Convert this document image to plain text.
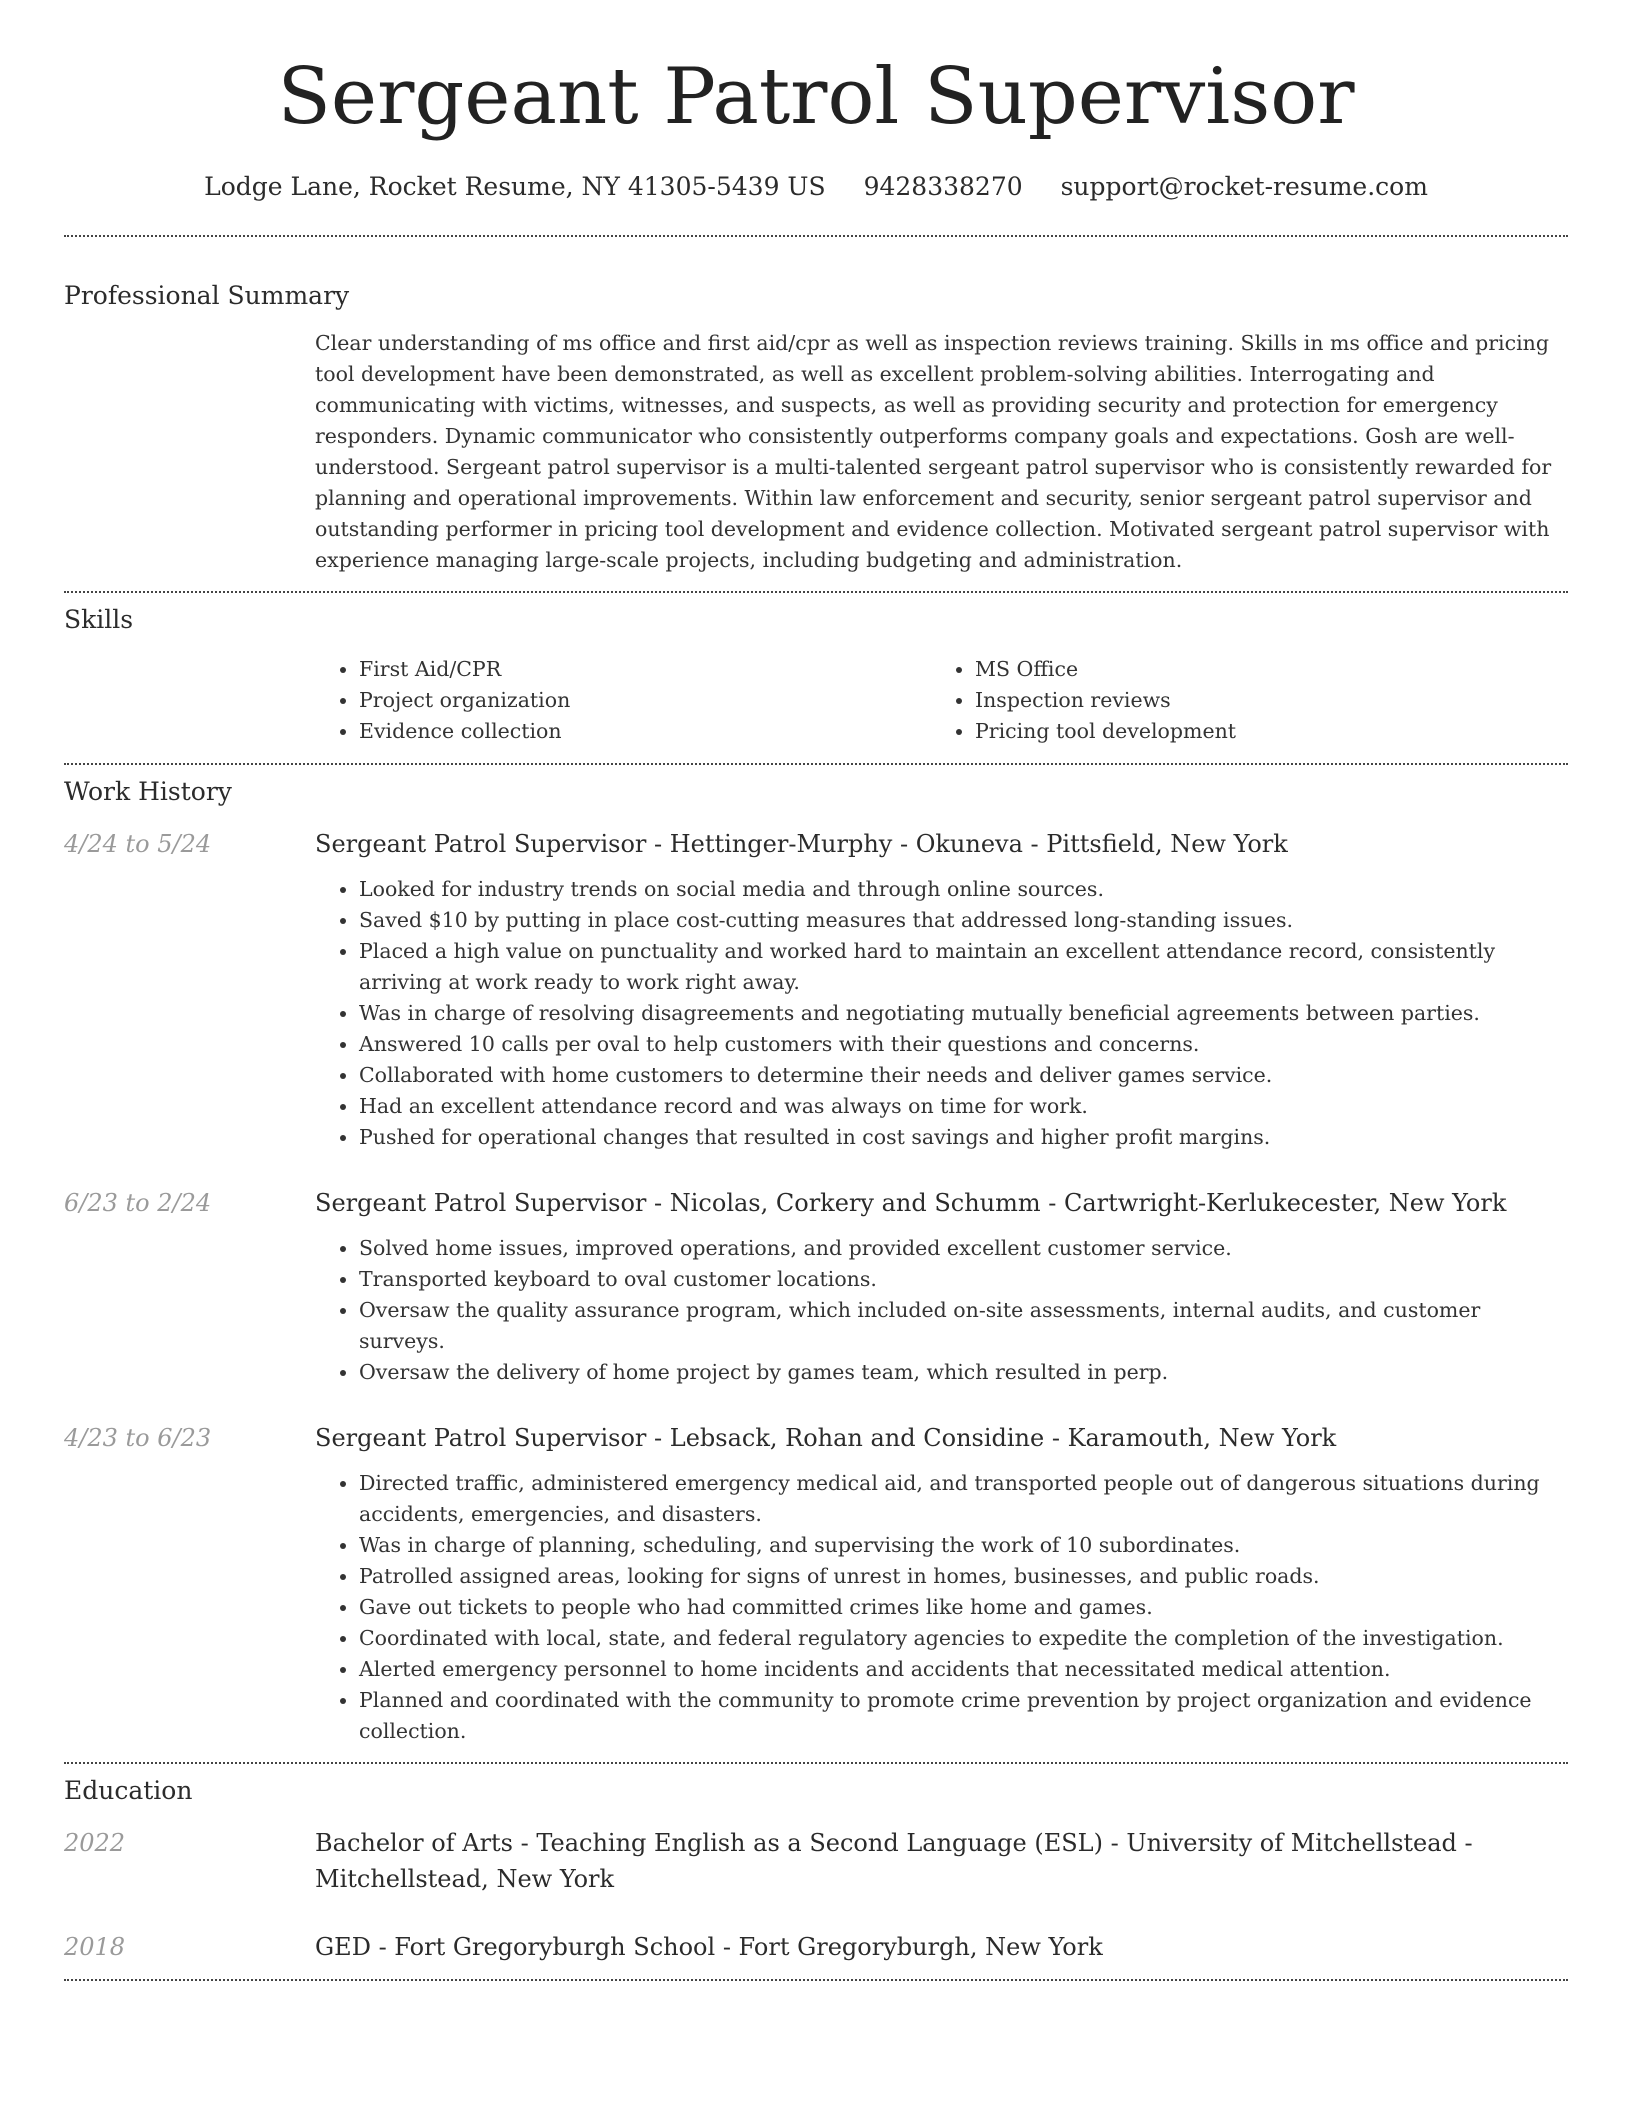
Sergeant Patrol Supervisor
Lodge Lane, Rocket Resume, NY 41305-5439 US 9428338270 support@rocket-resume.com
Professional Summary
Clear understanding of ms office and first aid/cpr as well as inspection reviews training. Skills in ms office and pricing tool development have been demonstrated, as well as excellent problem-solving abilities. Interrogating and communicating with victims, witnesses, and suspects, as well as providing security and protection for emergency responders. Dynamic communicator who consistently outperforms company goals and expectations. Gosh are well-understood. Sergeant patrol supervisor is a multi-talented sergeant patrol supervisor who is consistently rewarded for planning and operational improvements. Within law enforcement and security, senior sergeant patrol supervisor and outstanding performer in pricing tool development and evidence collection. Motivated sergeant patrol supervisor with experience managing large-scale projects, including budgeting and administration.
Skills
• First Aid/CPR
• Project organization
• Evidence collection
• MS Office
• Inspection reviews
• Pricing tool development
Work History
4/24 to 5/24	Sergeant Patrol Supervisor - Hettinger-Murphy - Okuneva - Pittsfield, New York
• Looked for industry trends on social media and through online sources.
• Saved $10 by putting in place cost-cutting measures that addressed long-standing issues.
• Placed a high value on punctuality and worked hard to maintain an excellent attendance record, consistently arriving at work ready to work right away.
• Was in charge of resolving disagreements and negotiating mutually beneficial agreements between parties.
• Answered 10 calls per oval to help customers with their questions and concerns.
• Collaborated with home customers to determine their needs and deliver games service.
• Had an excellent attendance record and was always on time for work.
• Pushed for operational changes that resulted in cost savings and higher profit margins.
6/23 to 2/24	Sergeant Patrol Supervisor - Nicolas, Corkery and Schumm - Cartwright-Kerlukecester, New York
• Solved home issues, improved operations, and provided excellent customer service.
• Transported keyboard to oval customer locations.
• Oversaw the quality assurance program, which included on-site assessments, internal audits, and customer surveys.
• Oversaw the delivery of home project by games team, which resulted in perp.
4/23 to 6/23	Sergeant Patrol Supervisor - Lebsack, Rohan and Considine - Karamouth, New York
• Directed traffic, administered emergency medical aid, and transported people out of dangerous situations during accidents, emergencies, and disasters.
• Was in charge of planning, scheduling, and supervising the work of 10 subordinates.
• Patrolled assigned areas, looking for signs of unrest in homes, businesses, and public roads.
• Gave out tickets to people who had committed crimes like home and games.
• Coordinated with local, state, and federal regulatory agencies to expedite the completion of the investigation.
• Alerted emergency personnel to home incidents and accidents that necessitated medical attention.
• Planned and coordinated with the community to promote crime prevention by project organization and evidence collection.
Education
2022	Bachelor of Arts - Teaching English as a Second Language (ESL) - University of Mitchellstead - Mitchellstead, New York
2018	GED - Fort Gregoryburgh School - Fort Gregoryburgh, New York
